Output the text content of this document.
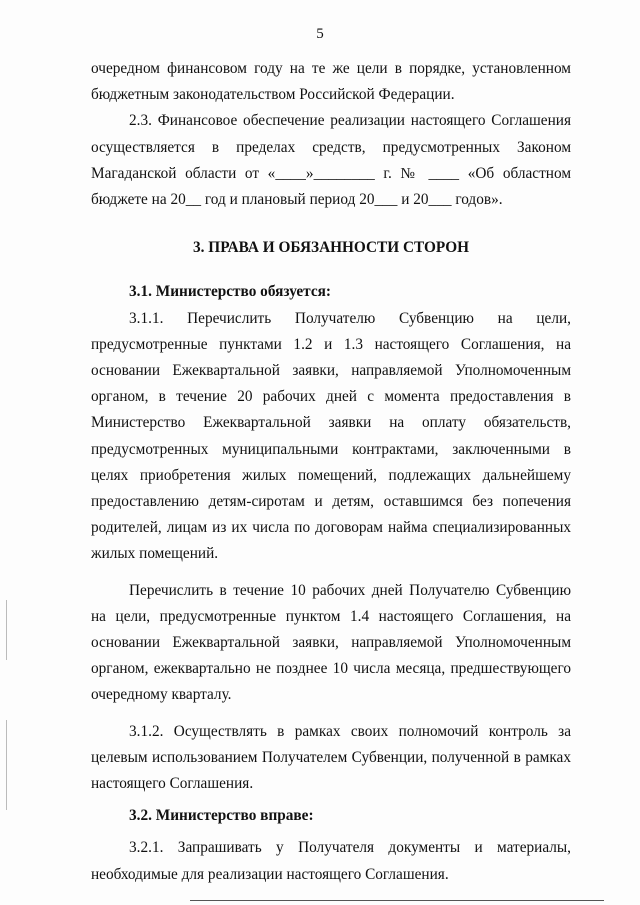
5

очередном финансовом году на те же цели в порядке, установленном бюджетным законодательством Российской Федерации.

2.3. Финансовое обеспечение реализации настоящего Соглашения осуществляется в пределах средств, предусмотренных Законом Магаданской области от «____»________ г. № ____ «Об областном бюджете на 20__ год и плановый период 20___ и 20___ годов».

3. ПРАВА И ОБЯЗАННОСТИ СТОРОН

3.1. Министерство обязуется:

3.1.1. Перечислить Получателю Субвенцию на цели, предусмотренные пунктами 1.2 и 1.3 настоящего Соглашения, на основании Ежеквартальной заявки, направляемой Уполномоченным органом, в течение 20 рабочих дней с момента предоставления в Министерство Ежеквартальной заявки на оплату обязательств, предусмотренных муниципальными контрактами, заключенными в целях приобретения жилых помещений, подлежащих дальнейшему предоставлению детям-сиротам и детям, оставшимся без попечения родителей, лицам из их числа по договорам найма специализированных жилых помещений.

Перечислить в течение 10 рабочих дней Получателю Субвенцию на цели, предусмотренные пунктом 1.4 настоящего Соглашения, на основании Ежеквартальной заявки, направляемой Уполномоченным органом, ежеквартально не позднее 10 числа месяца, предшествующего очередному кварталу.

3.1.2. Осуществлять в рамках своих полномочий контроль за целевым использованием Получателем Субвенции, полученной в рамках настоящего Соглашения.

3.2. Министерство вправе:

3.2.1. Запрашивать у Получателя документы и материалы, необходимые для реализации настоящего Соглашения.
